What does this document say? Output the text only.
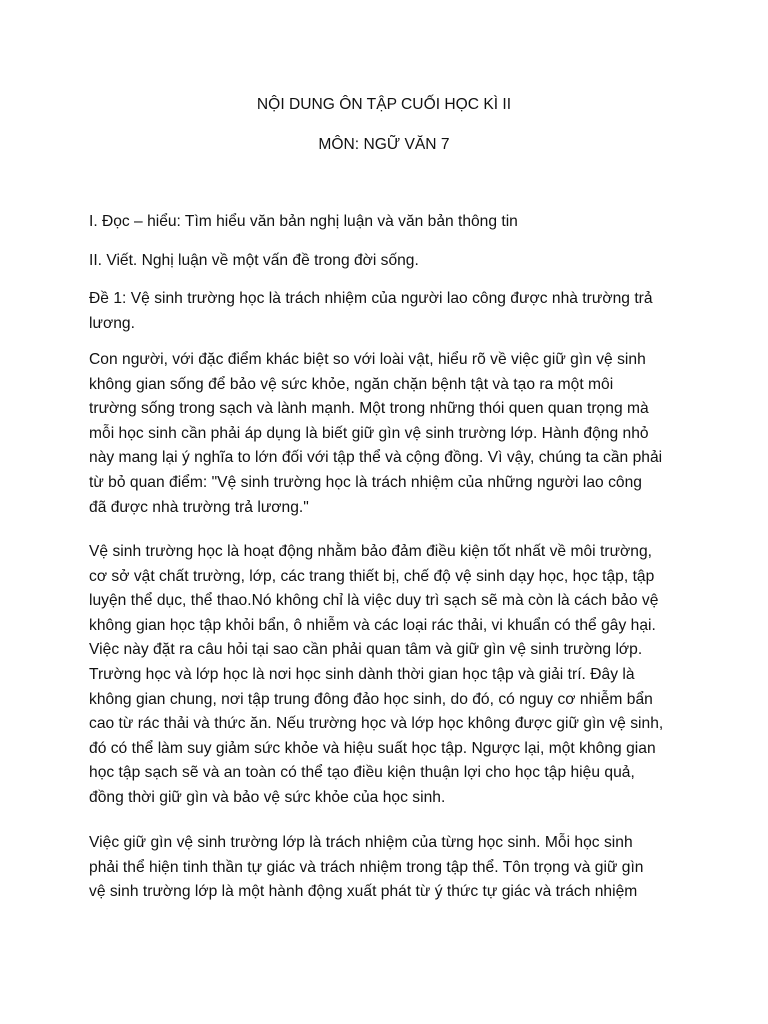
NỘI DUNG ÔN TẬP CUỐI HỌC KÌ II
MÔN: NGỮ VĂN 7
I. Đọc – hiểu: Tìm hiểu văn bản nghị luận và văn bản thông tin
II. Viết. Nghị luận về một vấn đề trong đời sống.
Đề 1: Vệ sinh trường học là trách nhiệm của người lao công được nhà trường trả
lương.
Con người, với đặc điểm khác biệt so với loài vật, hiểu rõ về việc giữ gìn vệ sinh
không gian sống để bảo vệ sức khỏe, ngăn chặn bệnh tật và tạo ra một môi
trường sống trong sạch và lành mạnh. Một trong những thói quen quan trọng mà
mỗi học sinh cần phải áp dụng là biết giữ gìn vệ sinh trường lớp. Hành động nhỏ
này mang lại ý nghĩa to lớn đối với tập thể và cộng đồng. Vì vậy, chúng ta cần phải
từ bỏ quan điểm: "Vệ sinh trường học là trách nhiệm của những người lao công
đã được nhà trường trả lương."
Vệ sinh trường học là hoạt động nhằm bảo đảm điều kiện tốt nhất về môi trường,
cơ sở vật chất trường, lớp, các trang thiết bị, chế độ vệ sinh dạy học, học tập, tập
luyện thể dục, thể thao.Nó không chỉ là việc duy trì sạch sẽ mà còn là cách bảo vệ
không gian học tập khỏi bẩn, ô nhiễm và các loại rác thải, vi khuẩn có thể gây hại.
Việc này đặt ra câu hỏi tại sao cần phải quan tâm và giữ gìn vệ sinh trường lớp.
Trường học và lớp học là nơi học sinh dành thời gian học tập và giải trí. Đây là
không gian chung, nơi tập trung đông đảo học sinh, do đó, có nguy cơ nhiễm bẩn
cao từ rác thải và thức ăn. Nếu trường học và lớp học không được giữ gìn vệ sinh,
đó có thể làm suy giảm sức khỏe và hiệu suất học tập. Ngược lại, một không gian
học tập sạch sẽ và an toàn có thể tạo điều kiện thuận lợi cho học tập hiệu quả,
đồng thời giữ gìn và bảo vệ sức khỏe của học sinh.
Việc giữ gìn vệ sinh trường lớp là trách nhiệm của từng học sinh. Mỗi học sinh
phải thể hiện tinh thần tự giác và trách nhiệm trong tập thể. Tôn trọng và giữ gìn
vệ sinh trường lớp là một hành động xuất phát từ ý thức tự giác và trách nhiệm
